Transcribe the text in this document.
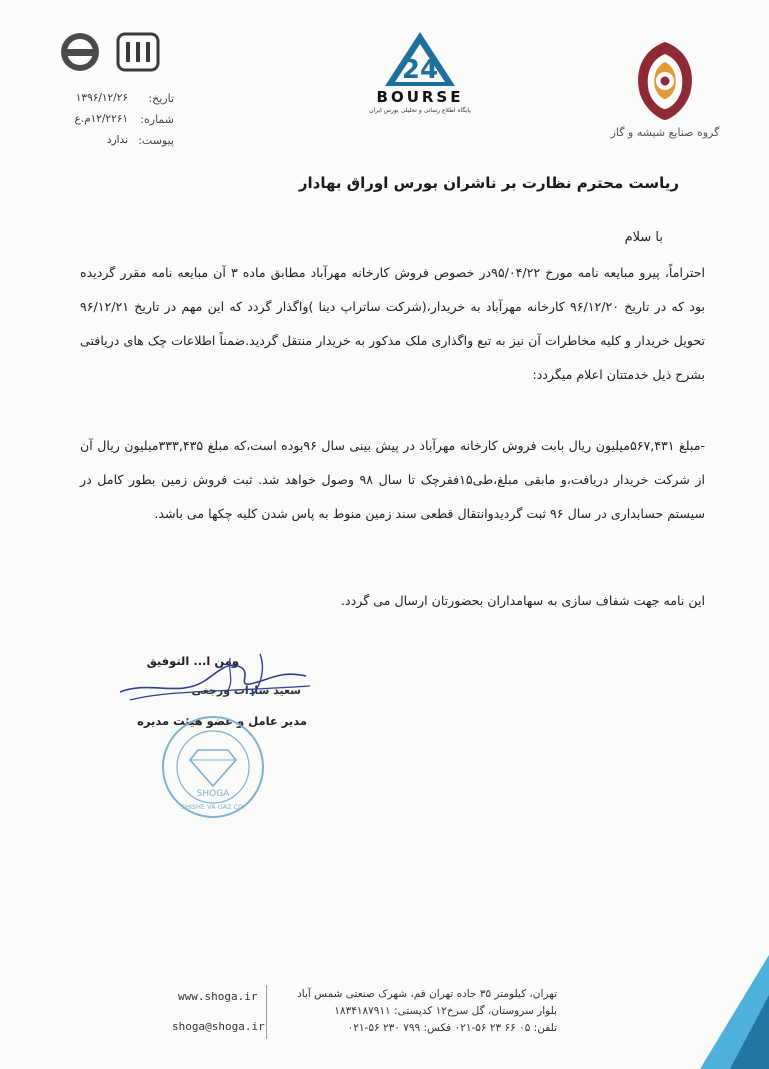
گروه صنایع شیشه و گاز
24
BOURSE
پایگاه اطلاع رسانی و تحلیلی بورس ایران
تاریخ:
۱۳۹۶/۱۲/۲۶
شماره:
۱۲/۲۲۶۱م.ع
پیوست:
ندارد
ریاست محترم نظارت بر ناشران بورس اوراق بهادار
با سلام
احتراماً، پیرو مبایعه نامه مورخ ۹۵/۰۴/۲۲در خصوص فروش کارخانه مهرآباد مطابق ماده ۳ آن مبایعه نامه مقرر گردیده بود که در تاریخ ۹۶/۱۲/۲۰ کارخانه مهرآباد به خریدار،(شرکت ساتراپ دینا )واگذار گردد که این مهم در تاریخ ۹۶/۱۲/۲۱ تحویل خریدار و کلیه مخاطرات آن نیز به تبع واگذاری ملک مذکور به خریدار منتقل گردید.ضمناً اطلاعات چک های دریافتی بشرح ذیل خدمتتان اعلام میگردد:
-مبلغ ۵۶۷,۴۳۱میلیون ریال بابت فروش کارخانه مهرآباد در پیش بینی سال ۹۶بوده است،که مبلغ ۳۳۳,۴۳۵میلیون ریال آن از شرکت خریدار دریافت،و مابقی مبلغ،طی۱۵فقرچک تا سال ۹۸ وصول خواهد شد. ثبت فروش زمین بطور کامل در سیستم حسابداری در سال ۹۶ ثبت گردیدوانتقال قطعی سند زمین منوط به پاس شدن کلیه چکها می باشد.
این نامه جهت شفاف سازی به سهامداران بحضورتان ارسال می گردد.
ومن ا... التوفیق
سعید سادات ورجغی
مدیر عامل و عضو هیئت مدیره
SHOGA
SHISHE VA GAZ CO.
www.shoga.ir
shoga@shoga.ir
تهران، کیلومتر ۳۵ جاده تهران قم، شهرک صنعتی شمس آباد
بلوار سروستان، گل سرخ۱۲ کدپستی: ۱۸۳۴۱۸۷۹۱۱
تلفن: ۰۵ ۶۶ ۲۳ ۵۶-۰۲۱ فکس: ۷۹۹ ۲۳۰ ۵۶-۰۲۱
